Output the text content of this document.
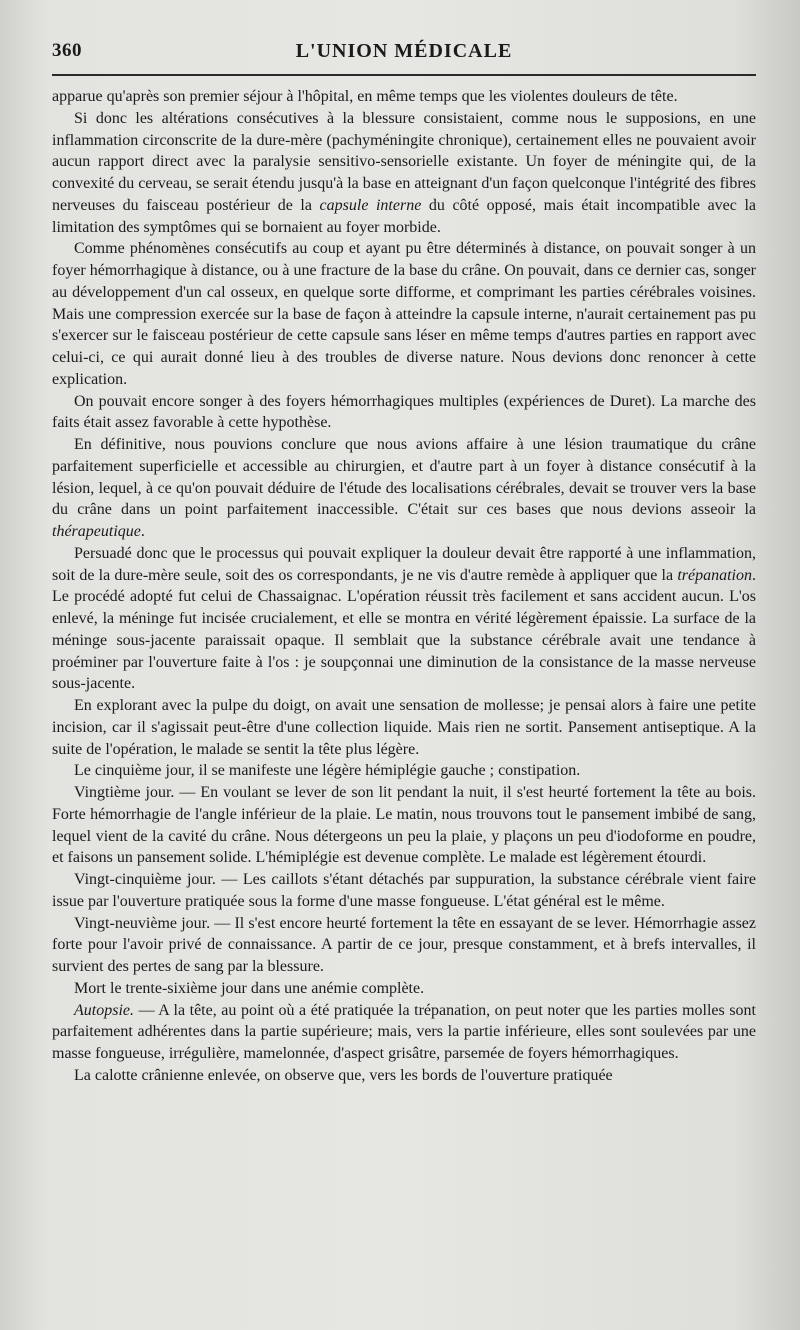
360	L'UNION MÉDICALE

apparue qu'après son premier séjour à l'hôpital, en même temps que les violentes douleurs de tête.

Si donc les altérations consécutives à la blessure consistaient, comme nous le supposions, en une inflammation circonscrite de la dure-mère (pachyméningite chronique), certainement elles ne pouvaient avoir aucun rapport direct avec la paralysie sensitivo-sensorielle existante. Un foyer de méningite qui, de la convexité du cerveau, se serait étendu jusqu'à la base en atteignant d'un façon quelconque l'intégrité des fibres nerveuses du faisceau postérieur de la capsule interne du côté opposé, mais était incompatible avec la limitation des symptômes qui se bornaient au foyer morbide.

Comme phénomènes consécutifs au coup et ayant pu être déterminés à distance, on pouvait songer à un foyer hémorrhagique à distance, ou à une fracture de la base du crâne. On pouvait, dans ce dernier cas, songer au développement d'un cal osseux, en quelque sorte difforme, et comprimant les parties cérébrales voisines. Mais une compression exercée sur la base de façon à atteindre la capsule interne, n'aurait certainement pas pu s'exercer sur le faisceau postérieur de cette capsule sans léser en même temps d'autres parties en rapport avec celui-ci, ce qui aurait donné lieu à des troubles de diverse nature. Nous devions donc renoncer à cette explication.

On pouvait encore songer à des foyers hémorrhagiques multiples (expériences de Duret). La marche des faits était assez favorable à cette hypothèse.

En définitive, nous pouvions conclure que nous avions affaire à une lésion traumatique du crâne parfaitement superficielle et accessible au chirurgien, et d'autre part à un foyer à distance consécutif à la lésion, lequel, à ce qu'on pouvait déduire de l'étude des localisations cérébrales, devait se trouver vers la base du crâne dans un point parfaitement inaccessible. C'était sur ces bases que nous devions asseoir la thérapeutique.

Persuadé donc que le processus qui pouvait expliquer la douleur devait être rapporté à une inflammation, soit de la dure-mère seule, soit des os correspondants, je ne vis d'autre remède à appliquer que la trépanation. Le procédé adopté fut celui de Chassaignac. L'opération réussit très facilement et sans accident aucun. L'os enlevé, la méninge fut incisée crucialement, et elle se montra en vérité légèrement épaissie. La surface de la méninge sous-jacente paraissait opaque. Il semblait que la substance cérébrale avait une tendance à proéminer par l'ouverture faite à l'os : je soupçonnai une diminution de la consistance de la masse nerveuse sous-jacente.

En explorant avec la pulpe du doigt, on avait une sensation de mollesse; je pensai alors à faire une petite incision, car il s'agissait peut-être d'une collection liquide. Mais rien ne sortit. Pansement antiseptique. A la suite de l'opération, le malade se sentit la tête plus légère.

Le cinquième jour, il se manifeste une légère hémiplégie gauche ; constipation.

Vingtième jour. — En voulant se lever de son lit pendant la nuit, il s'est heurté fortement la tête au bois. Forte hémorrhagie de l'angle inférieur de la plaie. Le matin, nous trouvons tout le pansement imbibé de sang, lequel vient de la cavité du crâne. Nous détergeons un peu la plaie, y plaçons un peu d'iodoforme en poudre, et faisons un pansement solide. L'hémiplégie est devenue complète. Le malade est légèrement étourdi.

Vingt-cinquième jour. — Les caillots s'étant détachés par suppuration, la substance cérébrale vient faire issue par l'ouverture pratiquée sous la forme d'une masse fongueuse. L'état général est le même.

Vingt-neuvième jour. — Il s'est encore heurté fortement la tête en essayant de se lever. Hémorrhagie assez forte pour l'avoir privé de connaissance. A partir de ce jour, presque constamment, et à brefs intervalles, il survient des pertes de sang par la blessure.

Mort le trente-sixième jour dans une anémie complète.

Autopsie. — A la tête, au point où a été pratiquée la trépanation, on peut noter que les parties molles sont parfaitement adhérentes dans la partie supérieure; mais, vers la partie inférieure, elles sont soulevées par une masse fongueuse, irrégulière, mamelonnée, d'aspect grisâtre, parsemée de foyers hémorrhagiques.

La calotte crânienne enlevée, on observe que, vers les bords de l'ouverture pratiquée
